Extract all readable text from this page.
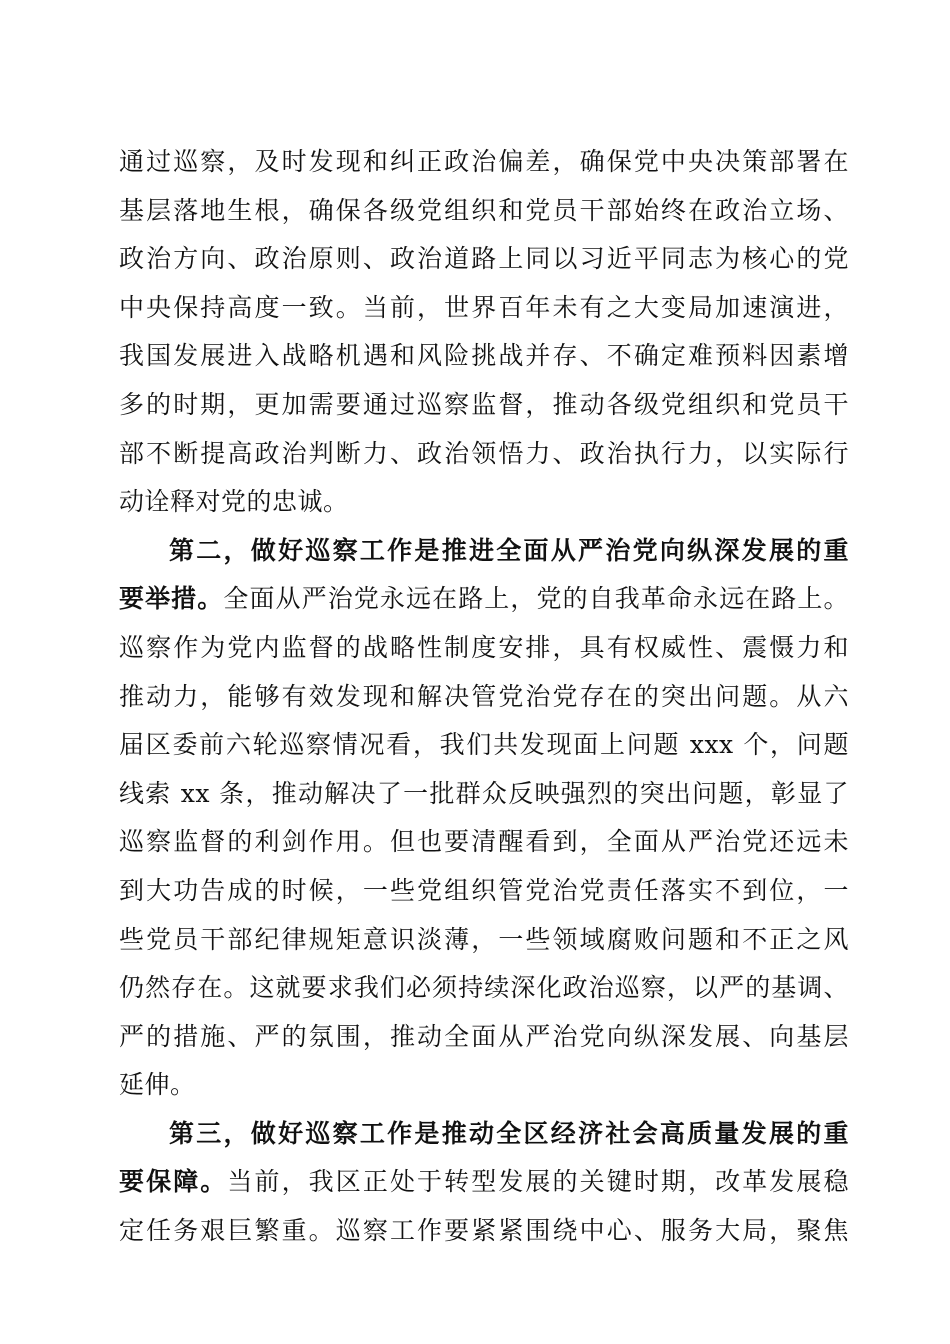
通过巡察，及时发现和纠正政治偏差，确保党中央决策部署在
基层落地生根，确保各级党组织和党员干部始终在政治立场、
政治方向、政治原则、政治道路上同以习近平同志为核心的党
中央保持高度一致。当前，世界百年未有之大变局加速演进，
我国发展进入战略机遇和风险挑战并存、不确定难预料因素增
多的时期，更加需要通过巡察监督，推动各级党组织和党员干
部不断提高政治判断力、政治领悟力、政治执行力，以实际行
动诠释对党的忠诚。
第二，做好巡察工作是推进全面从严治党向纵深发展的重
要举措。全面从严治党永远在路上，党的自我革命永远在路上。
巡察作为党内监督的战略性制度安排，具有权威性、震慑力和
推动力，能够有效发现和解决管党治党存在的突出问题。从六
届区委前六轮巡察情况看，我们共发现面上问题 xxx 个，问题
线索 xx 条，推动解决了一批群众反映强烈的突出问题，彰显了
巡察监督的利剑作用。但也要清醒看到，全面从严治党还远未
到大功告成的时候，一些党组织管党治党责任落实不到位，一
些党员干部纪律规矩意识淡薄，一些领域腐败问题和不正之风
仍然存在。这就要求我们必须持续深化政治巡察，以严的基调、
严的措施、严的氛围，推动全面从严治党向纵深发展、向基层
延伸。
第三，做好巡察工作是推动全区经济社会高质量发展的重
要保障。当前，我区正处于转型发展的关键时期，改革发展稳
定任务艰巨繁重。巡察工作要紧紧围绕中心、服务大局，聚焦
